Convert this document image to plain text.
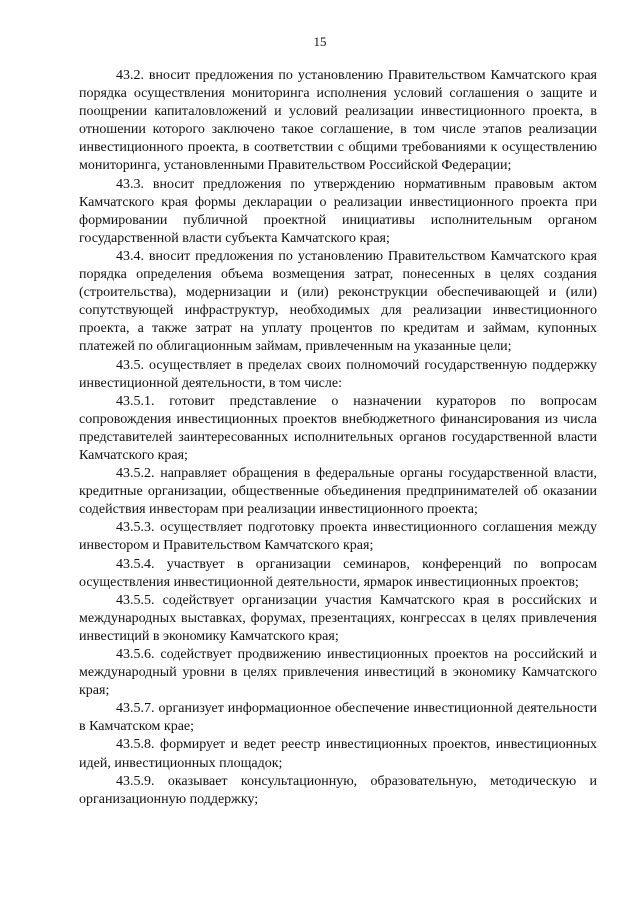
15

43.2. вносит предложения по установлению Правительством Камчатского края порядка осуществления мониторинга исполнения условий соглашения о защите и поощрении капиталовложений и условий реализации инвестиционного проекта, в отношении которого заключено такое соглашение, в том числе этапов реализации инвестиционного проекта, в соответствии с общими требованиями к осуществлению мониторинга, установленными Правительством Российской Федерации;

43.3. вносит предложения по утверждению нормативным правовым актом Камчатского края формы декларации о реализации инвестиционного проекта при формировании публичной проектной инициативы исполнительным органом государственной власти субъекта Камчатского края;

43.4. вносит предложения по установлению Правительством Камчатского края порядка определения объема возмещения затрат, понесенных в целях создания (строительства), модернизации и (или) реконструкции обеспечивающей и (или) сопутствующей инфраструктур, необходимых для реализации инвестиционного проекта, а также затрат на уплату процентов по кредитам и займам, купонных платежей по облигационным займам, привлеченным на указанные цели;

43.5. осуществляет в пределах своих полномочий государственную поддержку инвестиционной деятельности, в том числе:

43.5.1. готовит представление о назначении кураторов по вопросам сопровождения инвестиционных проектов внебюджетного финансирования из числа представителей заинтересованных исполнительных органов государственной власти Камчатского края;

43.5.2. направляет обращения в федеральные органы государственной власти, кредитные организации, общественные объединения предпринимателей об оказании содействия инвесторам при реализации инвестиционного проекта;

43.5.3. осуществляет подготовку проекта инвестиционного соглашения между инвестором и Правительством Камчатского края;

43.5.4. участвует в организации семинаров, конференций по вопросам осуществления инвестиционной деятельности, ярмарок инвестиционных проектов;

43.5.5. содействует организации участия Камчатского края в российских и международных выставках, форумах, презентациях, конгрессах в целях привлечения инвестиций в экономику Камчатского края;

43.5.6. содействует продвижению инвестиционных проектов на российский и международный уровни в целях привлечения инвестиций в экономику Камчатского края;

43.5.7. организует информационное обеспечение инвестиционной деятельности в Камчатском крае;

43.5.8. формирует и ведет реестр инвестиционных проектов, инвестиционных идей, инвестиционных площадок;

43.5.9. оказывает консультационную, образовательную, методическую и организационную поддержку;
